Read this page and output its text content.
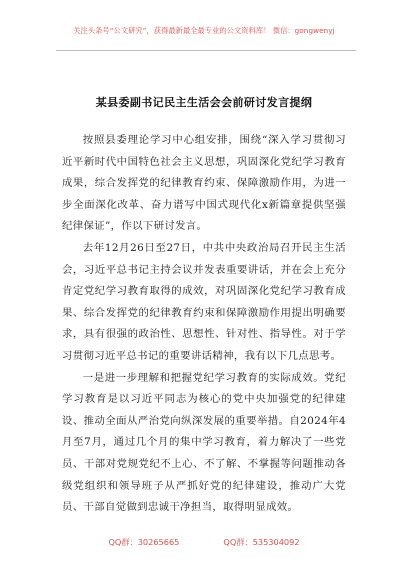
关注头条号“公文研究”，获得最新最全最专业的公文资料库！ 微信：gongwenyj
某县委副书记民主生活会会前研讨发言提纲

按照县委理论学习中心组安排，围绕“深入学习贯彻习近平新时代中国特色社会主义思想，巩固深化党纪学习教育成果，综合发挥党的纪律教育约束、保障激励作用，为进一步全面深化改革、奋力谱写中国式现代化x新篇章提供坚强纪律保证”，作以下研讨发言。

去年12月26日至27日，中共中央政治局召开民主生活会，习近平总书记主持会议并发表重要讲话，并在会上充分肯定党纪学习教育取得的成效，对巩固深化党纪学习教育成果、综合发挥党的纪律教育约束和保障激励作用提出明确要求，具有很强的政治性、思想性、针对性、指导性。对于学习贯彻习近平总书记的重要讲话精神，我有以下几点思考。

一是进一步理解和把握党纪学习教育的实际成效。党纪学习教育是以习近平同志为核心的党中央加强党的纪律建设、推动全面从严治党向纵深发展的重要举措。自2024年4月至7月，通过几个月的集中学习教育，着力解决了一些党员、干部对党规党纪不上心、不了解、不掌握等问题推动各级党组织和领导班子从严抓好党的纪律建设，推动广大党员、干部自觉做到忠诚干净担当，取得明显成效。

QQ群：30265665	QQ群：535304092
